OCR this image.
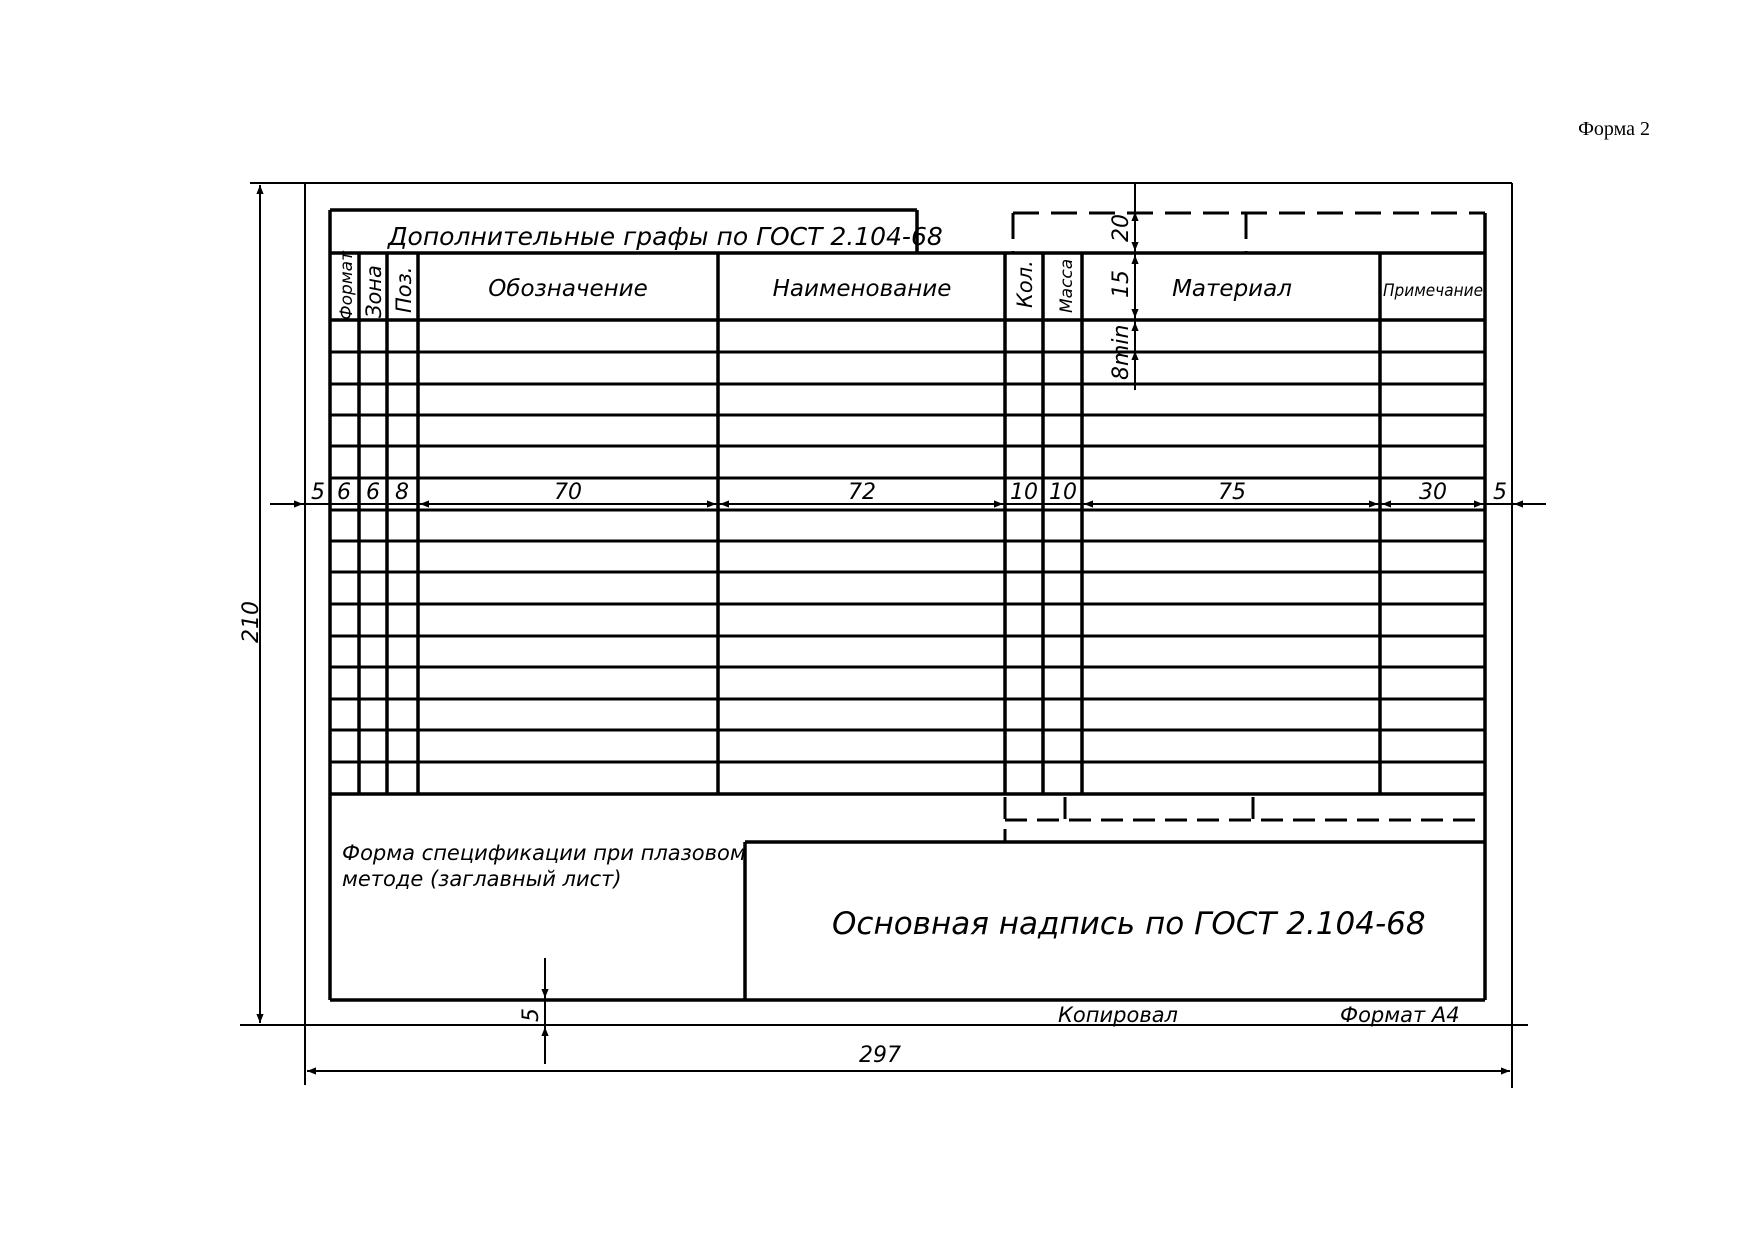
Форма 2
Дополнительные графы по ГОСТ 2.104-68
Формат Зона Поз.	Обозначение	Наименование	Кол. Масса	Материал	Примечание
20
15
8min
5 6 6 8	70	72	10 10	75	30 5
210
297
5
Форма спецификации при плазовом
методе (заглавный лист)
Основная надпись по ГОСТ 2.104-68
Копировал	Формат А4
